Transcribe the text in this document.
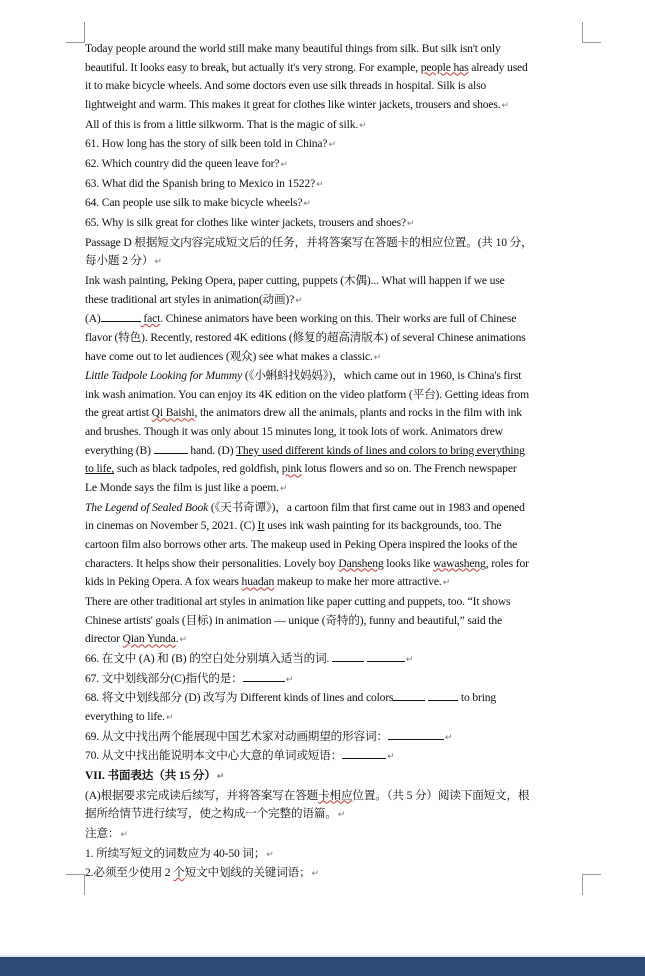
Today people around the world still make many beautiful things from silk. But silk isn't only
beautiful. It looks easy to break, but actually it's very strong. For example, people has already used
it to make bicycle wheels. And some doctors even use silk threads in hospital. Silk is also
lightweight and warm. This makes it great for clothes like winter jackets, trousers and shoes.↵

All of this is from a little silkworm. That is the magic of silk.↵

61. How long has the story of silk been told in China?↵

62. Which country did the queen leave for?↵

63. What did the Spanish bring to Mexico in 1522?↵

64. Can people use silk to make bicycle wheels?↵

65. Why is silk great for clothes like winter jackets, trousers and shoes?↵

Passage D 根据短文内容完成短文后的任务，并将答案写在答题卡的相应位置。(共 10 分，
每小题 2 分）↵

Ink wash painting, Peking Opera, paper cutting, puppets (木偶)... What will happen if we use
these traditional art styles in animation(动画)?↵

(A)	fact. Chinese animators have been working on this. Their works are full of Chinese
flavor (特色). Recently, restored 4K editions (修复的超高清版本) of several Chinese animations
have come out to let audiences (观众) see what makes a classic.↵

Little Tadpole Looking for Mummy (《小蝌蚪找妈妈》)，which came out in 1960, is China's first
ink wash animation. You can enjoy its 4K edition on the video platform (平台). Getting ideas from
the great artist Qi Baishi, the animators drew all the animals, plants and rocks in the film with ink
and brushes. Though it was only about 15 minutes long, it took lots of work. Animators drew
everything (B)	hand. (D) They used different kinds of lines and colors to bring everything
to life, such as black tadpoles, red goldfish, pink lotus flowers and so on. The French newspaper
Le Monde says the film is just like a poem.↵

The Legend of Sealed Book (《天书奇谭》)，a cartoon film that first came out in 1983 and opened
in cinemas on November 5, 2021. (C) It uses ink wash painting for its backgrounds, too. The
cartoon film also borrows other arts. The makeup used in Peking Opera inspired the looks of the
characters. It helps show their personalities. Lovely boy Dansheng looks like wawasheng, roles for
kids in Peking Opera. A fox wears huadan makeup to make her more attractive.↵

There are other traditional art styles in animation like paper cutting and puppets, too. “It shows
Chinese artists' goals (目标) in animation — unique (奇特的), funny and beautiful,” said the
director Qian Yunda.↵

66. 在文中 (A) 和 (B) 的空白处分别填入适当的词.	↵

67. 文中划线部分(C)指代的是：	↵

68. 将文中划线部分 (D) 改写为 Different kinds of lines and colors	to bring
everything to life.↵

69. 从文中找出两个能展现中国艺术家对动画期望的形容词：	↵

70. 从文中找出能说明本文中心大意的单词或短语：	↵

VII. 书面表达（共 15 分）↵

(A)根据要求完成读后续写，并将答案写在答题卡相应位置。（共 5 分）阅读下面短文，根
据所给情节进行续写，使之构成一个完整的语篇。↵

注意：↵

1. 所续写短文的词数应为 40-50 词；↵

2.必须至少使用 2 个短文中划线的关键词语；↵
